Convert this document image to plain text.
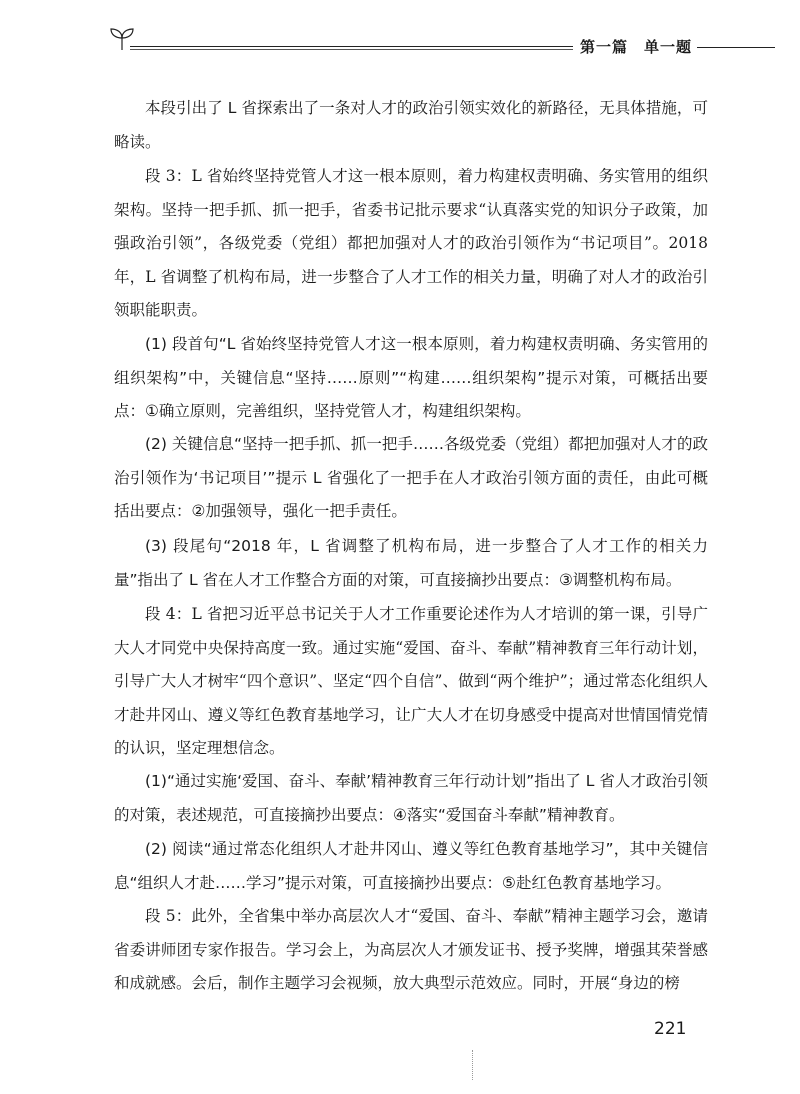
第一篇　单一题
本段引出了 L 省探索出了一条对人才的政治引领实效化的新路径，无具体措施，可略读。
段 3：L 省始终坚持党管人才这一根本原则，着力构建权责明确、务实管用的组织架构。坚持一把手抓、抓一把手，省委书记批示要求“认真落实党的知识分子政策，加强政治引领”，各级党委（党组）都把加强对人才的政治引领作为“书记项目”。2018 年，L 省调整了机构布局，进一步整合了人才工作的相关力量，明确了对人才的政治引领职能职责。
(1) 段首句“L 省始终坚持党管人才这一根本原则，着力构建权责明确、务实管用的组织架构”中，关键信息“坚持……原则”“构建……组织架构”提示对策，可概括出要点：①确立原则，完善组织，坚持党管人才，构建组织架构。
(2) 关键信息“坚持一把手抓、抓一把手……各级党委（党组）都把加强对人才的政治引领作为‘书记项目’”提示 L 省强化了一把手在人才政治引领方面的责任，由此可概括出要点：②加强领导，强化一把手责任。
(3) 段尾句“2018 年，L 省调整了机构布局，进一步整合了人才工作的相关力量”指出了 L 省在人才工作整合方面的对策，可直接摘抄出要点：③调整机构布局。
段 4：L 省把习近平总书记关于人才工作重要论述作为人才培训的第一课，引导广大人才同党中央保持高度一致。通过实施“爱国、奋斗、奉献”精神教育三年行动计划，引导广大人才树牢“四个意识”、坚定“四个自信”、做到“两个维护”；通过常态化组织人才赴井冈山、遵义等红色教育基地学习，让广大人才在切身感受中提高对世情国情党情的认识，坚定理想信念。
(1)“通过实施‘爱国、奋斗、奉献’精神教育三年行动计划”指出了 L 省人才政治引领的对策，表述规范，可直接摘抄出要点：④落实“爱国奋斗奉献”精神教育。
(2) 阅读“通过常态化组织人才赴井冈山、遵义等红色教育基地学习”，其中关键信息“组织人才赴……学习”提示对策，可直接摘抄出要点：⑤赴红色教育基地学习。
段 5：此外，全省集中举办高层次人才“爱国、奋斗、奉献”精神主题学习会，邀请省委讲师团专家作报告。学习会上，为高层次人才颁发证书、授予奖牌，增强其荣誉感和成就感。会后，制作主题学习会视频，放大典型示范效应。同时，开展“身边的榜
221
